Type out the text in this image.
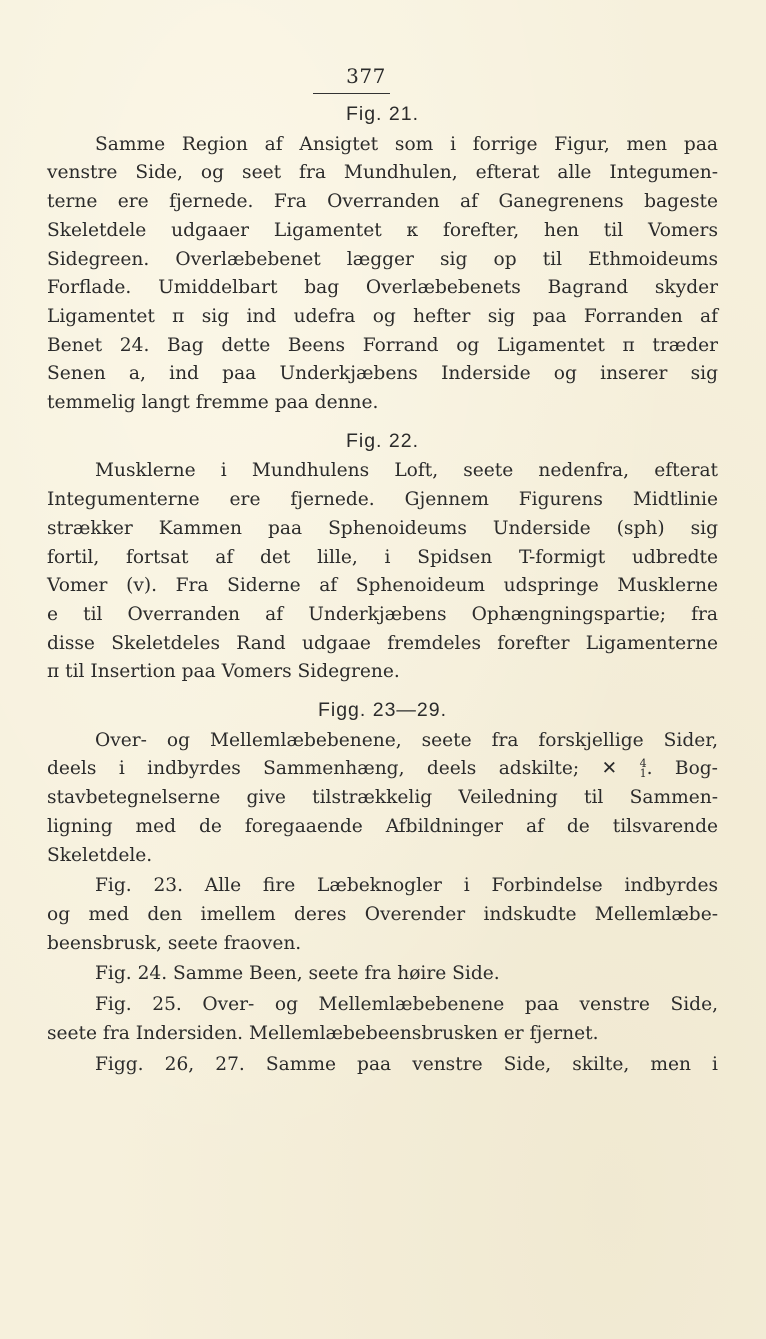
377
Fig. 21.
Samme Region af Ansigtet som i forrige Figur, men paa
venstre Side, og seet fra Mundhulen, efterat alle Integumen-
terne ere fjernede. Fra Overranden af Ganegrenens bageste
Skeletdele udgaaer Ligamentet κ forefter, hen til Vomers
Sidegreen. Overlæbebenet lægger sig op til Ethmoideums
Forflade. Umiddelbart bag Overlæbebenets Bagrand skyder
Ligamentet π sig ind udefra og hefter sig paa Forranden af
Benet 24. Bag dette Beens Forrand og Ligamentet π træder
Senen a, ind paa Underkjæbens Inderside og inserer sig
temmelig langt fremme paa denne.
Fig. 22.
Musklerne i Mundhulens Loft, seete nedenfra, efterat
Integumenterne ere fjernede. Gjennem Figurens Midtlinie
strækker Kammen paa Sphenoideums Underside (sph) sig
fortil, fortsat af det lille, i Spidsen T-formigt udbredte
Vomer (v). Fra Siderne af Sphenoideum udspringe Musklerne
e til Overranden af Underkjæbens Ophængningspartie; fra
disse Skeletdeles Rand udgaae fremdeles forefter Ligamenterne
π til Insertion paa Vomers Sidegrene.
Figg. 23—29.
Over- og Mellemlæbebenene, seete fra forskjellige Sider,
deels i indbyrdes Sammenhæng, deels adskilte; ✕ 4
1. Bog-
stavbetegnelserne give tilstrækkelig Veiledning til Sammen-
ligning med de foregaaende Afbildninger af de tilsvarende
Skeletdele.
Fig. 23. Alle fire Læbeknogler i Forbindelse indbyrdes
og med den imellem deres Overender indskudte Mellemlæbe-
beensbrusk, seete fraoven.
Fig. 24. Samme Been, seete fra høire Side.
Fig. 25. Over- og Mellemlæbebenene paa venstre Side,
seete fra Indersiden. Mellemlæbebeensbrusken er fjernet.
Figg. 26, 27. Samme paa venstre Side, skilte, men i
